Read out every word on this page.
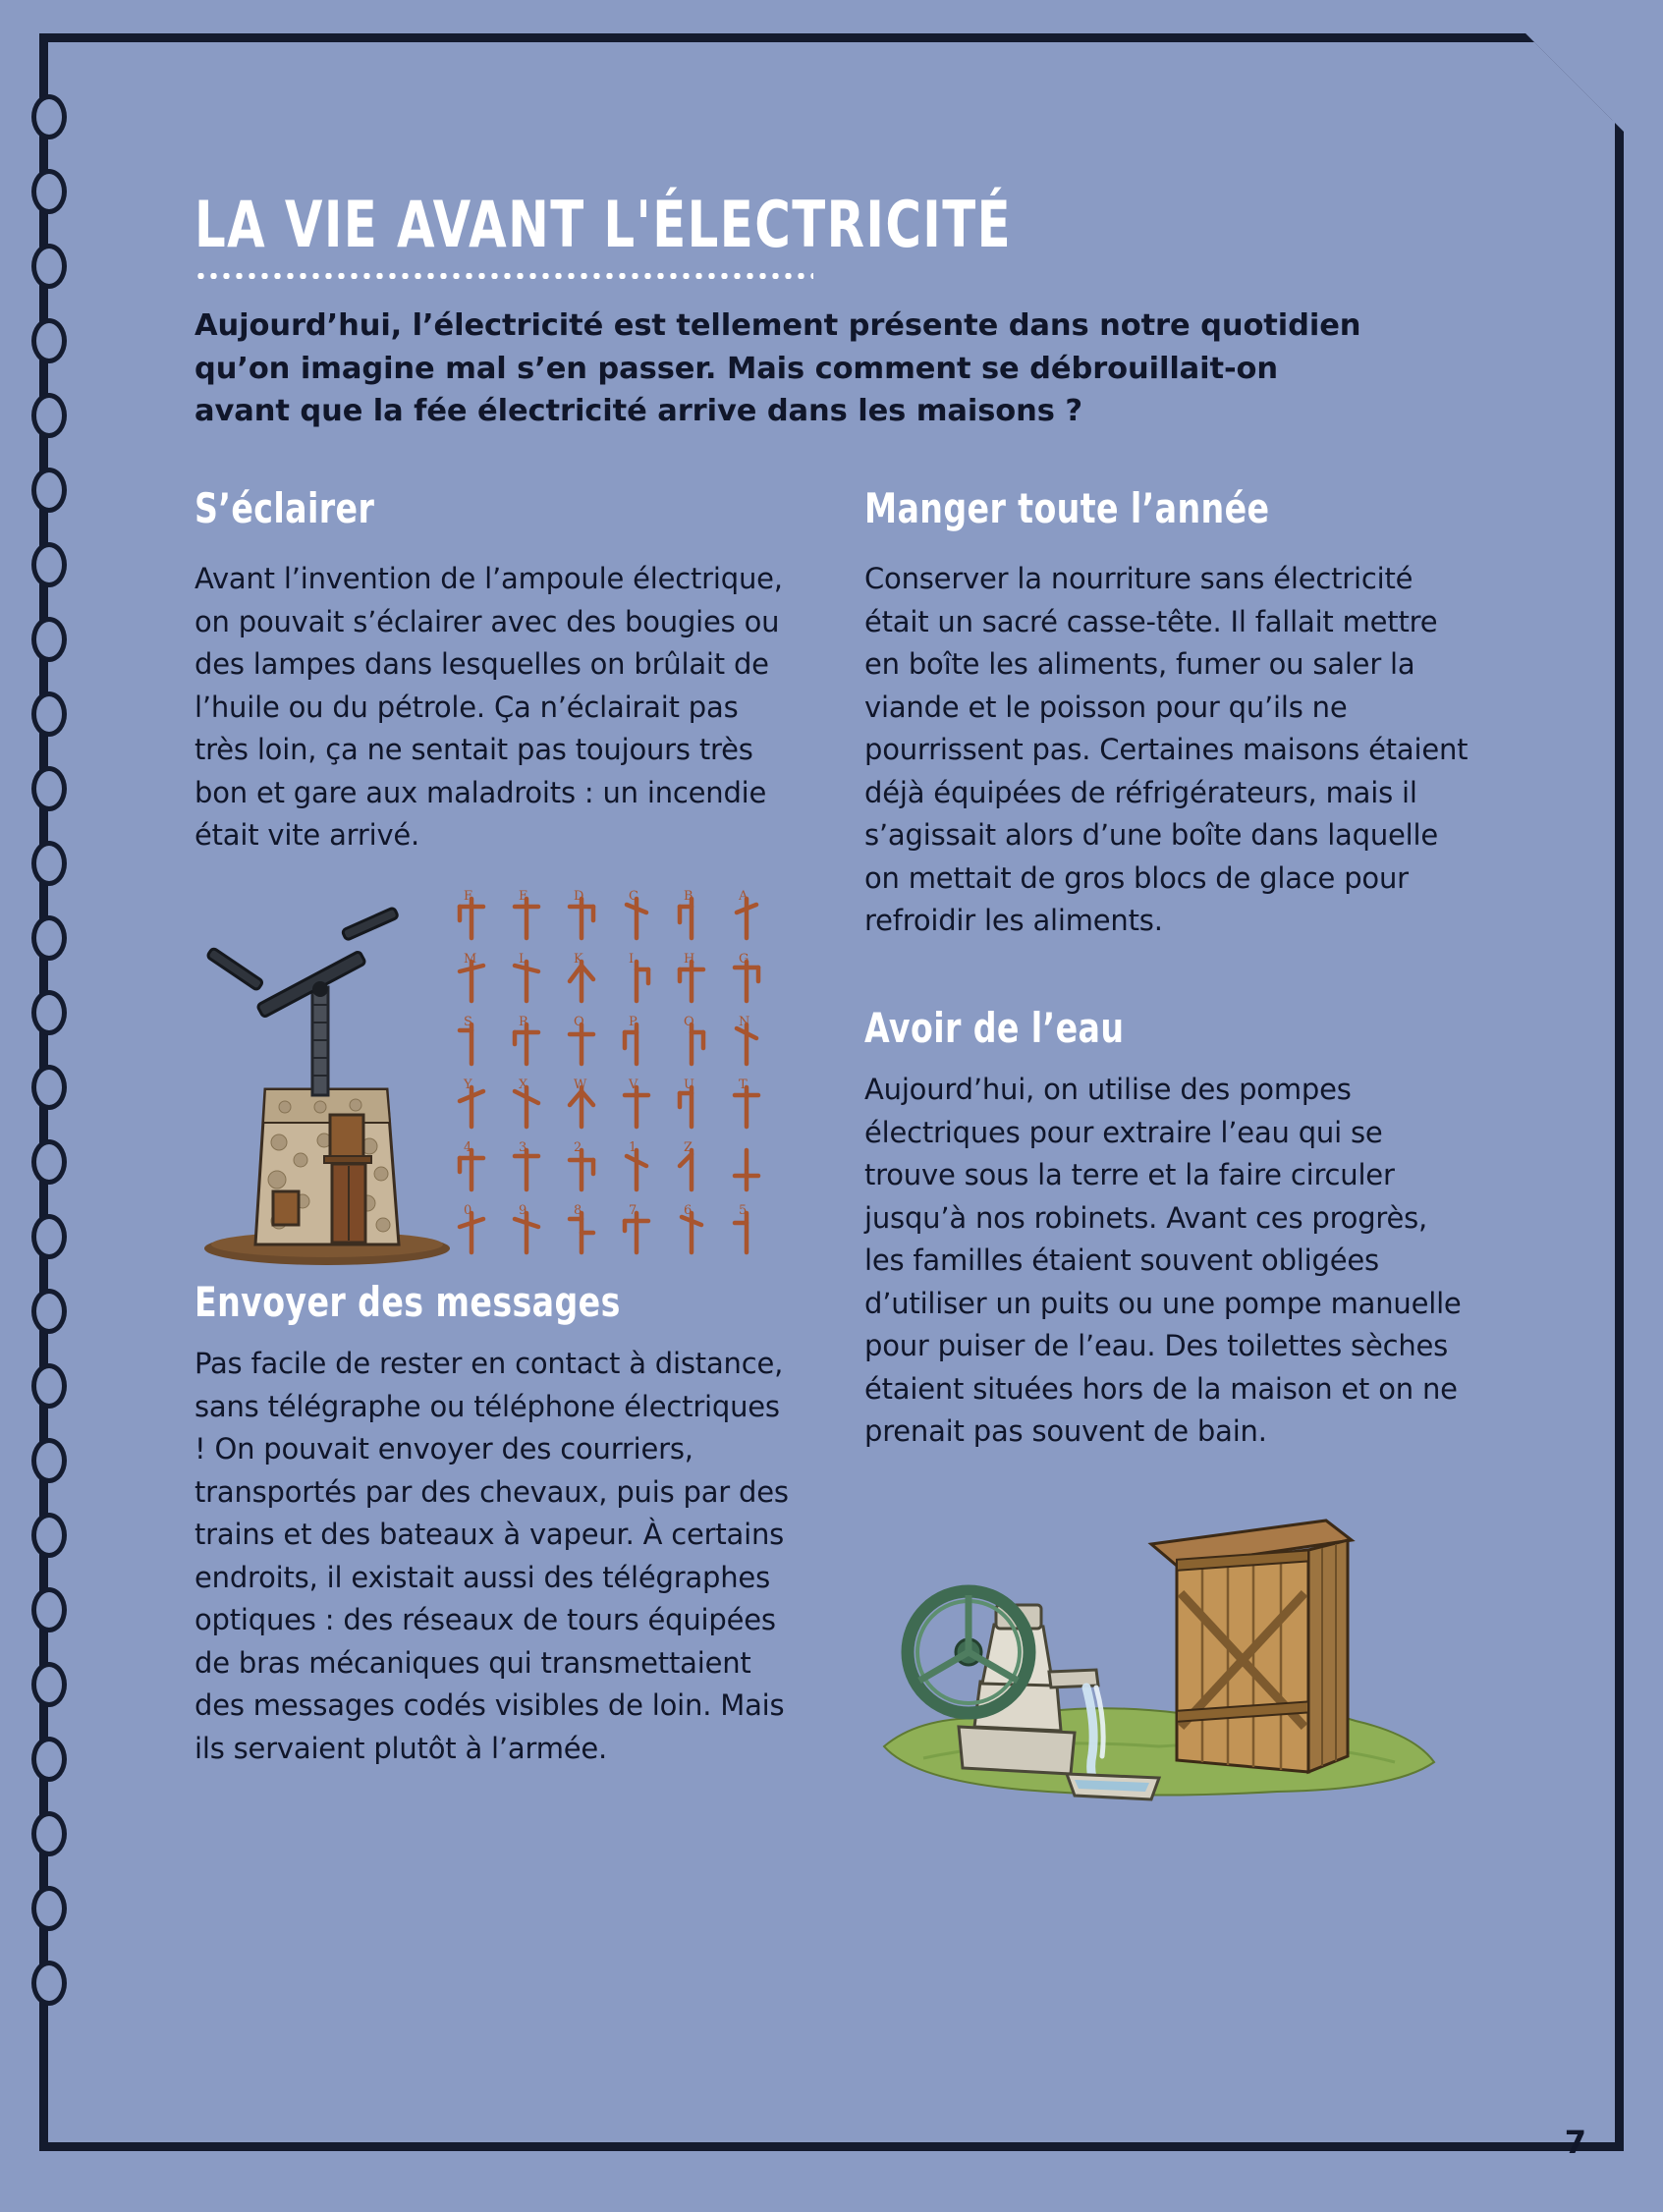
LA VIE AVANT L'ÉLECTRICITÉ

Aujourd’hui, l’électricité est tellement présente dans notre quotidien qu’on imagine mal s’en passer. Mais comment se débrouillait-on avant que la fée électricité arrive dans les maisons ?

S’éclairer

Avant l’invention de l’ampoule électrique, on pouvait s’éclairer avec des bougies ou des lampes dans lesquelles on brûlait de l’huile ou du pétrole. Ça n’éclairait pas très loin, ça ne sentait pas toujours très bon et gare aux maladroits : un incendie était vite arrivé.

F	E	D	C	B	A
M	L	K	I	H	G
S	R	Q	P	O	N
Y	X	W	V	U	T
4	3	2	1	Z
0	9	8	7	6	5
Envoyer des messages

Pas facile de rester en contact à distance, sans télégraphe ou téléphone électriques ! On pouvait envoyer des courriers, transportés par des chevaux, puis par des trains et des bateaux à vapeur. À certains endroits, il existait aussi des télégraphes optiques : des réseaux de tours équipées de bras mécaniques qui transmettaient des messages codés visibles de loin. Mais ils servaient plutôt à l’armée.

Manger toute l’année

Conserver la nourriture sans électricité était un sacré casse-tête. Il fallait mettre en boîte les aliments, fumer ou saler la viande et le poisson pour qu’ils ne pourrissent pas. Certaines maisons étaient déjà équipées de réfrigérateurs, mais il s’agissait alors d’une boîte dans laquelle on mettait de gros blocs de glace pour refroidir les aliments.

Avoir de l’eau

Aujourd’hui, on utilise des pompes électriques pour extraire l’eau qui se trouve sous la terre et la faire circuler jusqu’à nos robinets. Avant ces progrès, les familles étaient souvent obligées d’utiliser un puits ou une pompe manuelle pour puiser de l’eau. Des toilettes sèches étaient situées hors de la maison et on ne prenait pas souvent de bain.

7
